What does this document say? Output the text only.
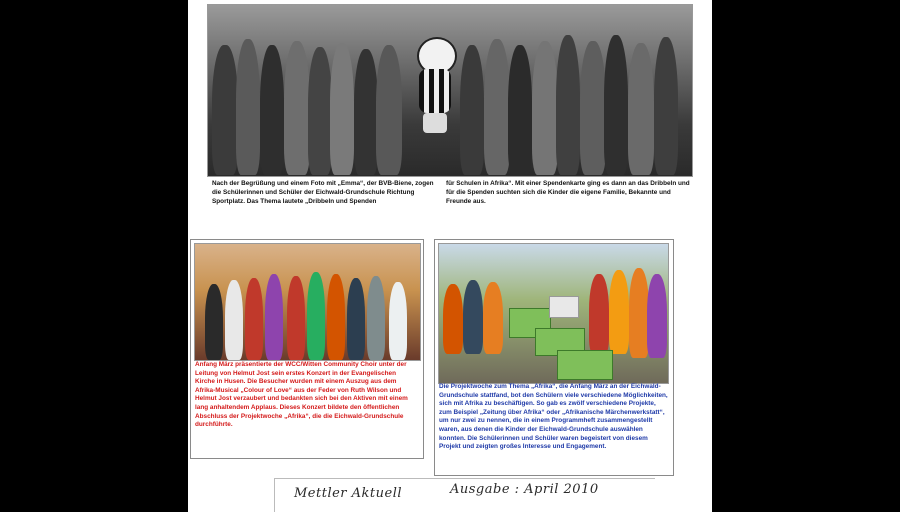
Nach der Begrüßung und einem Foto mit „Emma“, der BVB-Biene, zogen die Schülerinnen und Schüler der Eichwald-Grundschule Richtung Sportplatz. Das Thema lautete „Dribbeln und Spenden
für Schulen in Afrika“. Mit einer Spendenkarte ging es dann an das Dribbeln und für die Spenden suchten sich die Kinder die eigene Familie, Bekannte und Freunde aus.
Anfang März präsentierte der WCC/Witten Community Choir unter der Leitung von Helmut Jost sein erstes Konzert in der Evangelischen Kirche in Husen. Die Besucher wurden mit einem Auszug aus dem Afrika-Musical „Colour of Love“ aus der Feder von Ruth Wilson und Helmut Jost verzaubert und bedankten sich bei den Aktiven mit einem lang anhaltendem Applaus. Dieses Konzert bildete den öffentlichen Abschluss der Projektwoche „Afrika“, die die Eichwald-Grundschule durchführte.
Die Projektwoche zum Thema „Afrika“, die Anfang März an der Eichwald-Grundschule stattfand, bot den Schülern viele verschiedene Möglichkeiten, sich mit Afrika zu beschäftigen. So gab es zwölf verschiedene Projekte, zum Beispiel „Zeitung über Afrika“ oder „Afrikanische Märchenwerkstatt“, um nur zwei zu nennen, die in einem Programmheft zusammengestellt waren, aus denen die Kinder der Eichwald-Grundschule auswählen konnten. Die Schülerinnen und Schüler waren begeistert von diesem Projekt und zeigten großes Interesse und Engagement.
Mettler Aktuell	Ausgabe : April 2010
